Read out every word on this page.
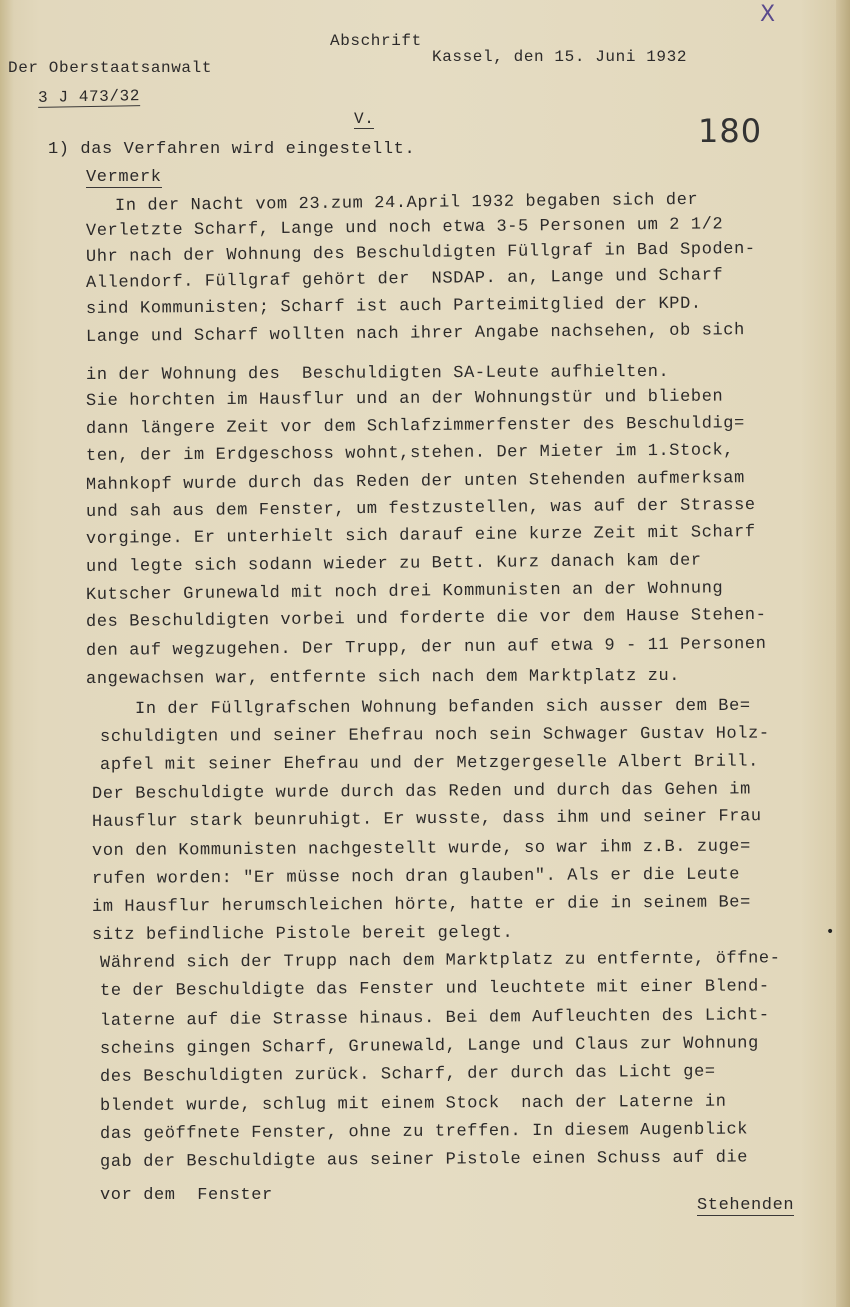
X
Abschrift
Kassel, den 15. Juni 1932
Der Oberstaatsanwalt
3 J 473/32
V.	180
1) das Verfahren wird eingestellt.
Vermerk
In der Nacht vom 23.zum 24.April 1932 begaben sich der
Verletzte Scharf, Lange und noch etwa 3-5 Personen um 2 1/2
Uhr nach der Wohnung des Beschuldigten Füllgraf in Bad Spoden-
Allendorf. Füllgraf gehört der  NSDAP. an, Lange und Scharf
sind Kommunisten; Scharf ist auch Parteimitglied der KPD.
Lange und Scharf wollten nach ihrer Angabe nachsehen, ob sich
in der Wohnung des  Beschuldigten SA-Leute aufhielten.
Sie horchten im Hausflur und an der Wohnungstür und blieben
dann längere Zeit vor dem Schlafzimmerfenster des Beschuldig=
ten, der im Erdgeschoss wohnt,stehen. Der Mieter im 1.Stock,
Mahnkopf wurde durch das Reden der unten Stehenden aufmerksam
und sah aus dem Fenster, um festzustellen, was auf der Strasse
vorginge. Er unterhielt sich darauf eine kurze Zeit mit Scharf
und legte sich sodann wieder zu Bett. Kurz danach kam der
Kutscher Grunewald mit noch drei Kommunisten an der Wohnung
des Beschuldigten vorbei und forderte die vor dem Hause Stehen-
den auf wegzugehen. Der Trupp, der nun auf etwa 9 - 11 Personen
angewachsen war, entfernte sich nach dem Marktplatz zu.
In der Füllgrafschen Wohnung befanden sich ausser dem Be=
schuldigten und seiner Ehefrau noch sein Schwager Gustav Holz-
apfel mit seiner Ehefrau und der Metzgergeselle Albert Brill.
Der Beschuldigte wurde durch das Reden und durch das Gehen im
Hausflur stark beunruhigt. Er wusste, dass ihm und seiner Frau
von den Kommunisten nachgestellt wurde, so war ihm z.B. zuge=
rufen worden: "Er müsse noch dran glauben". Als er die Leute
im Hausflur herumschleichen hörte, hatte er die in seinem Be=
sitz befindliche Pistole bereit gelegt.
Während sich der Trupp nach dem Marktplatz zu entfernte, öffne-
te der Beschuldigte das Fenster und leuchtete mit einer Blend-
laterne auf die Strasse hinaus. Bei dem Aufleuchten des Licht-
scheins gingen Scharf, Grunewald, Lange und Claus zur Wohnung
des Beschuldigten zurück. Scharf, der durch das Licht ge=
blendet wurde, schlug mit einem Stock  nach der Laterne in
das geöffnete Fenster, ohne zu treffen. In diesem Augenblick
gab der Beschuldigte aus seiner Pistole einen Schuss auf die
vor dem  Fenster
Stehenden
•
